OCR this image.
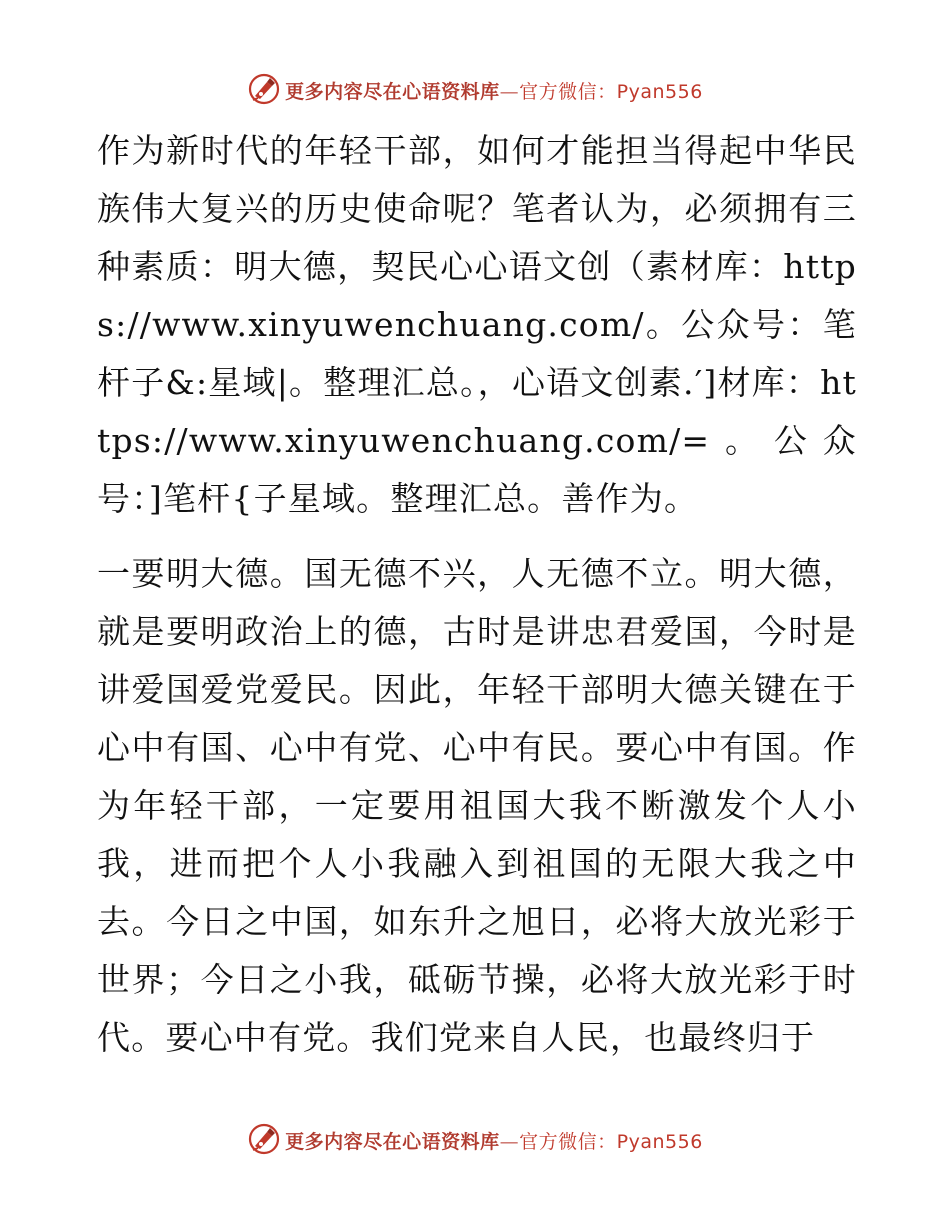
更多内容尽在心语资料库—官方微信：Pyan556

作为新时代的年轻干部，如何才能担当得起中华民族伟大复兴的历史使命呢？笔者认为，必须拥有三种素质：明大德，契民心心语文创（素材库：https://www.xinyuwenchuang.com/。公众号：笔杆子&:星域|。整理汇总。，心语文创素.′]材库：https://www.xinyuwenchuang.com/=。公众号：]笔杆{子星域。整理汇总。善作为。

一要明大德。国无德不兴，人无德不立。明大德，就是要明政治上的德，古时是讲忠君爱国，今时是讲爱国爱党爱民。因此，年轻干部明大德关键在于心中有国、心中有党、心中有民。要心中有国。作为年轻干部，一定要用祖国大我不断激发个人小我，进而把个人小我融入到祖国的无限大我之中去。今日之中国，如东升之旭日，必将大放光彩于世界；今日之小我，砥砺节操，必将大放光彩于时代。要心中有党。我们党来自人民，也最终归于

更多内容尽在心语资料库—官方微信：Pyan556
